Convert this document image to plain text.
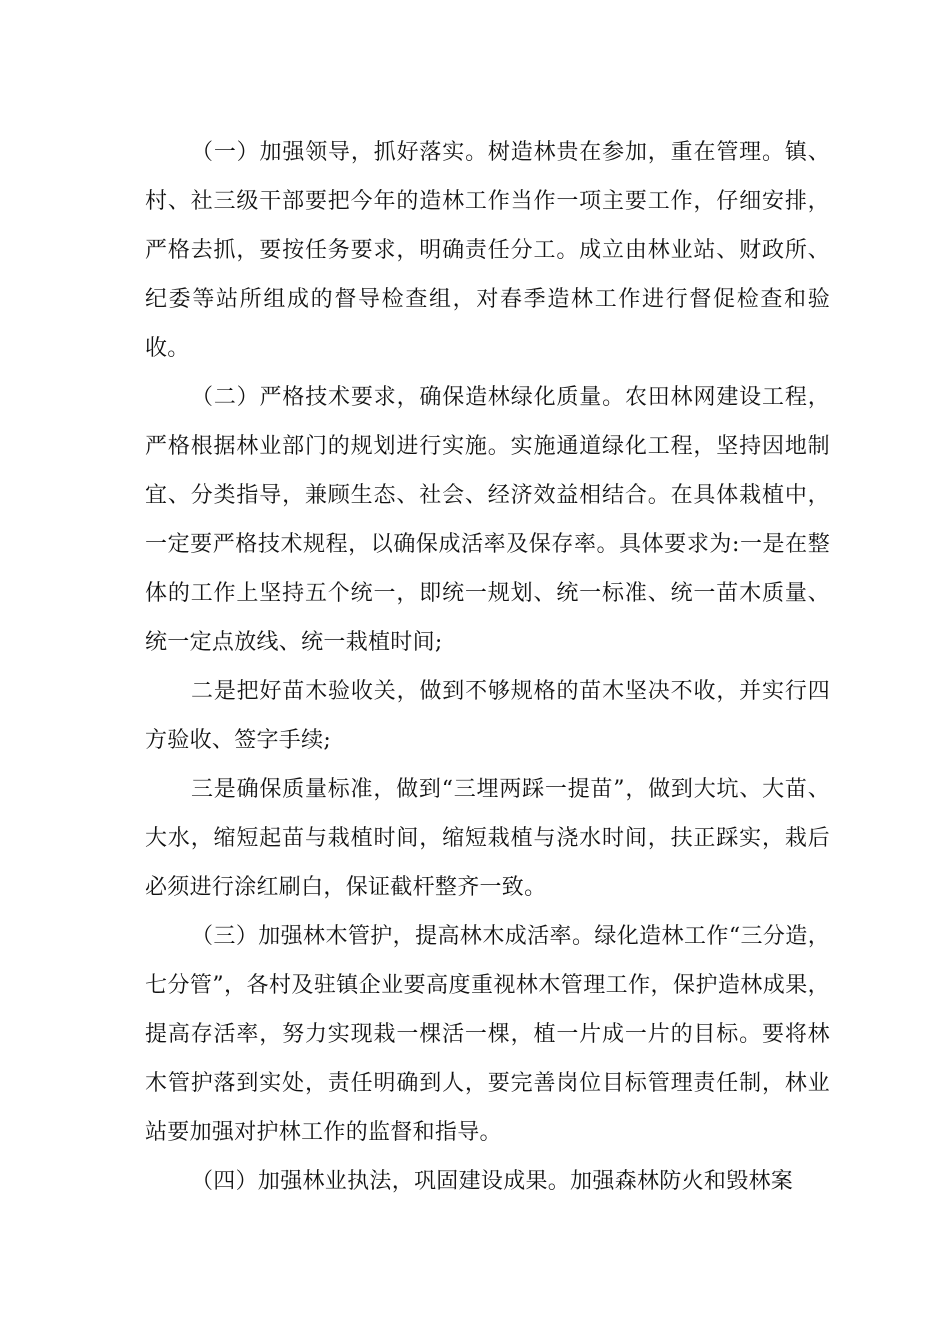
（一）加强领导，抓好落实。树造林贵在参加，重在管理。镇、村、社三级干部要把今年的造林工作当作一项主要工作，仔细安排，严格去抓，要按任务要求，明确责任分工。成立由林业站、财政所、纪委等站所组成的督导检查组，对春季造林工作进行督促检查和验收。

（二）严格技术要求，确保造林绿化质量。农田林网建设工程，严格根据林业部门的规划进行实施。实施通道绿化工程，坚持因地制宜、分类指导，兼顾生态、社会、经济效益相结合。在具体栽植中，一定要严格技术规程，以确保成活率及保存率。具体要求为:一是在整体的工作上坚持五个统一，即统一规划、统一标准、统一苗木质量、统一定点放线、统一栽植时间;

二是把好苗木验收关，做到不够规格的苗木坚决不收，并实行四方验收、签字手续;

三是确保质量标准，做到“三埋两踩一提苗”，做到大坑、大苗、大水，缩短起苗与栽植时间，缩短栽植与浇水时间，扶正踩实，栽后必须进行涂红刷白，保证截杆整齐一致。

（三）加强林木管护，提高林木成活率。绿化造林工作“三分造，七分管”，各村及驻镇企业要高度重视林木管理工作，保护造林成果，提高存活率，努力实现栽一棵活一棵，植一片成一片的目标。要将林木管护落到实处，责任明确到人，要完善岗位目标管理责任制，林业站要加强对护林工作的监督和指导。

（四）加强林业执法，巩固建设成果。加强森林防火和毁林案
